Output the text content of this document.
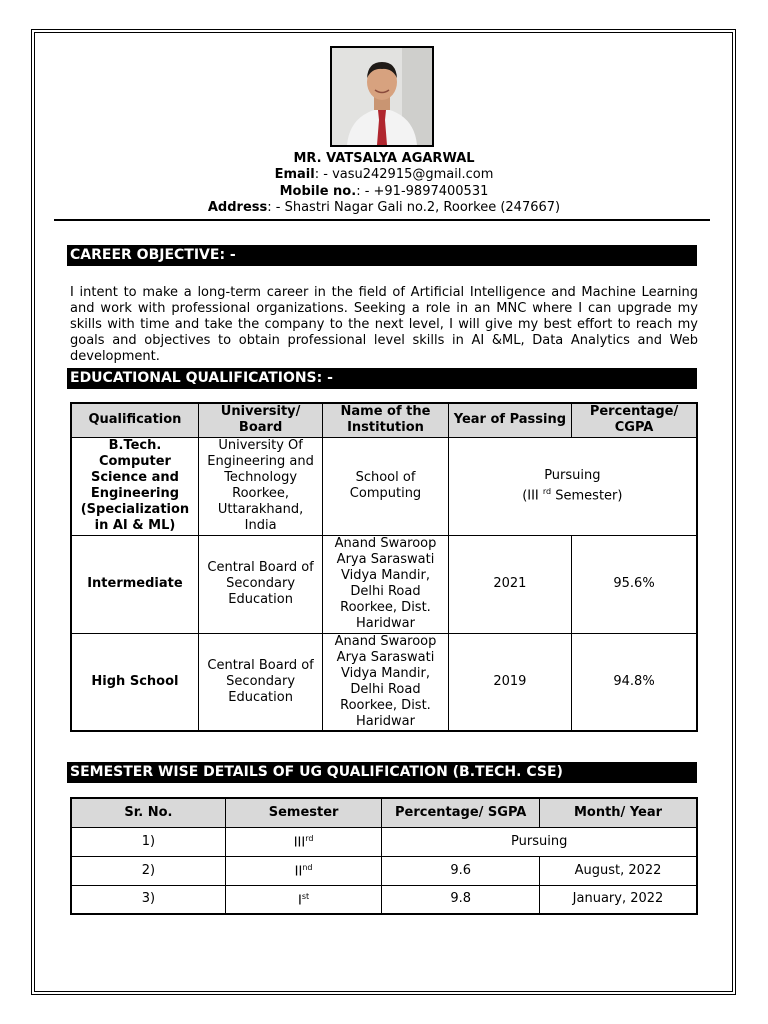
MR. VATSALYA AGARWAL
Email: - vasu242915@gmail.com
Mobile no.: - +91-9897400531
Address: - Shastri Nagar Gali no.2, Roorkee (247667)
CAREER OBJECTIVE: -
I intent to make a long-term career in the field of Artificial Intelligence and Machine Learning and work with professional organizations. Seeking a role in an MNC where I can upgrade my skills with time and take the company to the next level, I will give my best effort to reach my goals and objectives to obtain professional level skills in AI &ML, Data Analytics and Web development.
EDUCATIONAL QUALIFICATIONS: -
Qualification	University/ Board	Name of the Institution	Year of Passing	Percentage/ CGPA
B.Tech. Computer Science and Engineering (Specialization in AI & ML)	University Of Engineering and Technology Roorkee, Uttarakhand, India	School of Computing	Pursuing
(III $^{rd}$ Semester)	

Intermediate	Central Board of Secondary Education	Anand Swaroop Arya Saraswati Vidya Mandir, Delhi Road Roorkee, Dist. Haridwar	2021	95.6%
High School	Central Board of Secondary Education	Anand Swaroop Arya Saraswati Vidya Mandir, Delhi Road Roorkee, Dist. Haridwar	2019	94.8%
SEMESTER WISE DETAILS OF UG QUALIFICATION (B.TECH. CSE)
Sr. No.	Semester	Percentage/ SGPA	Month/ Year
1)	IIIrd	Pursuing	
2)	IInd	9.6	August, 2022
3)	Ist	9.8	January, 2022
